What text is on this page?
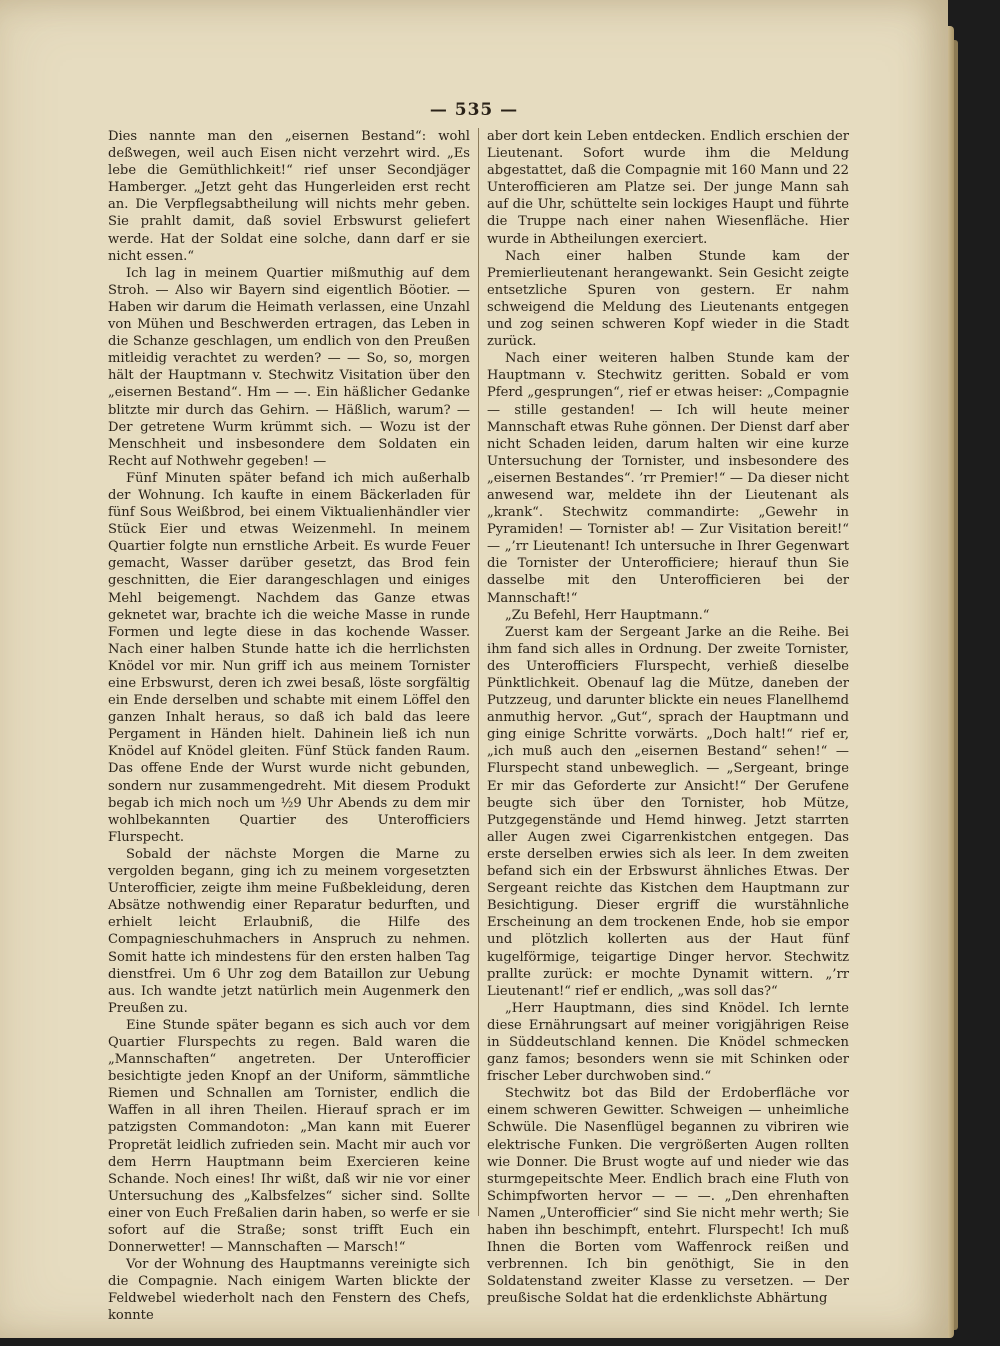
— 535 —

Dies nannte man den „eisernen Bestand“: wohl deßwegen, weil auch Eisen nicht verzehrt wird. „Es lebe die Gemüthlichkeit!“ rief unser Secondjäger Hamberger. „Jetzt geht das Hungerleiden erst recht an. Die Verpflegsabtheilung will nichts mehr geben. Sie prahlt damit, daß soviel Erbswurst geliefert werde. Hat der Soldat eine solche, dann darf er sie nicht essen.“

Ich lag in meinem Quartier mißmuthig auf dem Stroh. — Also wir Bayern sind eigentlich Böotier. — Haben wir darum die Heimath verlassen, eine Unzahl von Mühen und Beschwerden ertragen, das Leben in die Schanze geschlagen, um endlich von den Preußen mitleidig verachtet zu werden? — — So, so, morgen hält der Hauptmann v. Stechwitz Visitation über den „eisernen Bestand“. Hm — —. Ein häßlicher Gedanke blitzte mir durch das Gehirn. — Häßlich, warum? — Der getretene Wurm krümmt sich. — Wozu ist der Menschheit und insbesondere dem Soldaten ein Recht auf Nothwehr gegeben! —

Fünf Minuten später befand ich mich außerhalb der Wohnung. Ich kaufte in einem Bäckerladen für fünf Sous Weißbrod, bei einem Viktualienhändler vier Stück Eier und etwas Weizenmehl. In meinem Quartier folgte nun ernstliche Arbeit. Es wurde Feuer gemacht, Wasser darüber gesetzt, das Brod fein geschnitten, die Eier darangeschlagen und einiges Mehl beigemengt. Nachdem das Ganze etwas geknetet war, brachte ich die weiche Masse in runde Formen und legte diese in das kochende Wasser. Nach einer halben Stunde hatte ich die herrlichsten Knödel vor mir. Nun griff ich aus meinem Tornister eine Erbswurst, deren ich zwei besaß, löste sorgfältig ein Ende derselben und schabte mit einem Löffel den ganzen Inhalt heraus, so daß ich bald das leere Pergament in Händen hielt. Dahinein ließ ich nun Knödel auf Knödel gleiten. Fünf Stück fanden Raum. Das offene Ende der Wurst wurde nicht gebunden, sondern nur zusammengedreht. Mit diesem Produkt begab ich mich noch um ½9 Uhr Abends zu dem mir wohlbekannten Quartier des Unterofficiers Flurspecht.

Sobald der nächste Morgen die Marne zu vergolden begann, ging ich zu meinem vorgesetzten Unterofficier, zeigte ihm meine Fußbekleidung, deren Absätze nothwendig einer Reparatur bedurften, und erhielt leicht Erlaubniß, die Hilfe des Compagnieschuhmachers in Anspruch zu nehmen. Somit hatte ich mindestens für den ersten halben Tag dienstfrei. Um 6 Uhr zog dem Bataillon zur Uebung aus. Ich wandte jetzt natürlich mein Augenmerk den Preußen zu.

Eine Stunde später begann es sich auch vor dem Quartier Flurspechts zu regen. Bald waren die „Mannschaften“ angetreten. Der Unterofficier besichtigte jeden Knopf an der Uniform, sämmtliche Riemen und Schnallen am Tornister, endlich die Waffen in all ihren Theilen. Hierauf sprach er im patzigsten Commandoton: „Man kann mit Euerer Propretät leidlich zufrieden sein. Macht mir auch vor dem Herrn Hauptmann beim Exercieren keine Schande. Noch eines! Ihr wißt, daß wir nie vor einer Untersuchung des „Kalbsfelzes“ sicher sind. Sollte einer von Euch Freßalien darin haben, so werfe er sie sofort auf die Straße; sonst trifft Euch ein Donnerwetter! — Mannschaften — Marsch!“

Vor der Wohnung des Hauptmanns vereinigte sich die Compagnie. Nach einigem Warten blickte der Feldwebel wiederholt nach den Fenstern des Chefs, konnte

aber dort kein Leben entdecken. Endlich erschien der Lieutenant. Sofort wurde ihm die Meldung abgestattet, daß die Compagnie mit 160 Mann und 22 Unterofficieren am Platze sei. Der junge Mann sah auf die Uhr, schüttelte sein lockiges Haupt und führte die Truppe nach einer nahen Wiesenfläche. Hier wurde in Abtheilungen exerciert.

Nach einer halben Stunde kam der Premierlieutenant herangewankt. Sein Gesicht zeigte entsetzliche Spuren von gestern. Er nahm schweigend die Meldung des Lieutenants entgegen und zog seinen schweren Kopf wieder in die Stadt zurück.

Nach einer weiteren halben Stunde kam der Hauptmann v. Stechwitz geritten. Sobald er vom Pferd „gesprungen“, rief er etwas heiser: „Compagnie — stille gestanden! — Ich will heute meiner Mannschaft etwas Ruhe gönnen. Der Dienst darf aber nicht Schaden leiden, darum halten wir eine kurze Untersuchung der Tornister, und insbesondere des „eisernen Bestandes“. ’rr Premier!“ — Da dieser nicht anwesend war, meldete ihn der Lieutenant als „krank“. Stechwitz commandirte: „Gewehr in Pyramiden! — Tornister ab! — Zur Visitation bereit!“ — „’rr Lieutenant! Ich untersuche in Ihrer Gegenwart die Tornister der Unterofficiere; hierauf thun Sie dasselbe mit den Unterofficieren bei der Mannschaft!“

„Zu Befehl, Herr Hauptmann.“

Zuerst kam der Sergeant Jarke an die Reihe. Bei ihm fand sich alles in Ordnung. Der zweite Tornister, des Unterofficiers Flurspecht, verhieß dieselbe Pünktlichkeit. Obenauf lag die Mütze, daneben der Putzzeug, und darunter blickte ein neues Flanellhemd anmuthig hervor. „Gut“, sprach der Hauptmann und ging einige Schritte vorwärts. „Doch halt!“ rief er, „ich muß auch den „eisernen Bestand“ sehen!“ — Flurspecht stand unbeweglich. — „Sergeant, bringe Er mir das Geforderte zur Ansicht!“ Der Gerufene beugte sich über den Tornister, hob Mütze, Putzgegenstände und Hemd hinweg. Jetzt starrten aller Augen zwei Cigarrenkistchen entgegen. Das erste derselben erwies sich als leer. In dem zweiten befand sich ein der Erbswurst ähnliches Etwas. Der Sergeant reichte das Kistchen dem Hauptmann zur Besichtigung. Dieser ergriff die wurstähnliche Erscheinung an dem trockenen Ende, hob sie empor und plötzlich kollerten aus der Haut fünf kugelförmige, teigartige Dinger hervor. Stechwitz prallte zurück: er mochte Dynamit wittern. „’rr Lieutenant!“ rief er endlich, „was soll das?“

„Herr Hauptmann, dies sind Knödel. Ich lernte diese Ernährungsart auf meiner vorigjährigen Reise in Süddeutschland kennen. Die Knödel schmecken ganz famos; besonders wenn sie mit Schinken oder frischer Leber durchwoben sind.“

Stechwitz bot das Bild der Erdoberfläche vor einem schweren Gewitter. Schweigen — unheimliche Schwüle. Die Nasenflügel begannen zu vibriren wie elektrische Funken. Die vergrößerten Augen rollten wie Donner. Die Brust wogte auf und nieder wie das sturmgepeitschte Meer. Endlich brach eine Fluth von Schimpfworten hervor — — —. „Den ehrenhaften Namen „Unterofficier“ sind Sie nicht mehr werth; Sie haben ihn beschimpft, entehrt. Flurspecht! Ich muß Ihnen die Borten vom Waffenrock reißen und verbrennen. Ich bin genöthigt, Sie in den Soldatenstand zweiter Klasse zu versetzen. — Der preußische Soldat hat die erdenklichste Abhärtung
